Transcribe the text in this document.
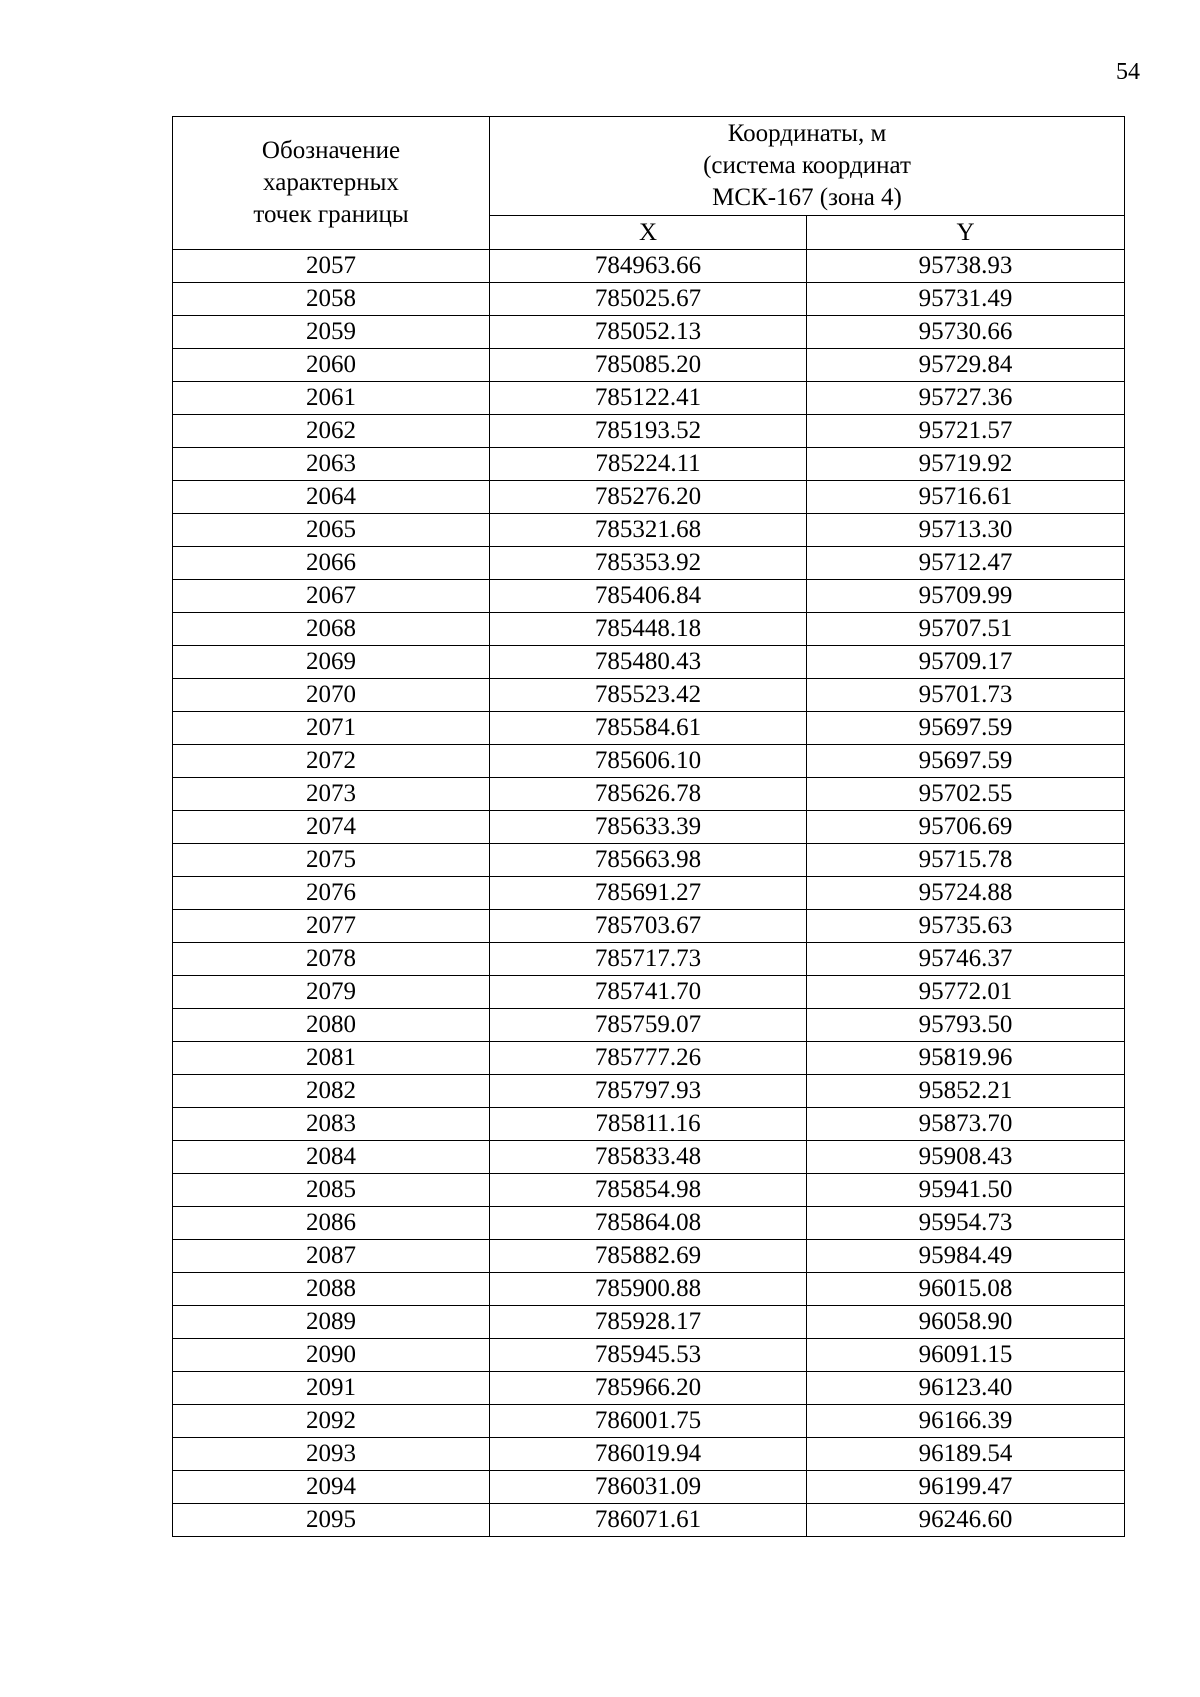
54
Обозначение
характерных
точек границы	Координаты, м
(система координат
МСК-167 (зона 4)	

	X	Y
2057	784963.66	95738.93
2058	785025.67	95731.49
2059	785052.13	95730.66
2060	785085.20	95729.84
2061	785122.41	95727.36
2062	785193.52	95721.57
2063	785224.11	95719.92
2064	785276.20	95716.61
2065	785321.68	95713.30
2066	785353.92	95712.47
2067	785406.84	95709.99
2068	785448.18	95707.51
2069	785480.43	95709.17
2070	785523.42	95701.73
2071	785584.61	95697.59
2072	785606.10	95697.59
2073	785626.78	95702.55
2074	785633.39	95706.69
2075	785663.98	95715.78
2076	785691.27	95724.88
2077	785703.67	95735.63
2078	785717.73	95746.37
2079	785741.70	95772.01
2080	785759.07	95793.50
2081	785777.26	95819.96
2082	785797.93	95852.21
2083	785811.16	95873.70
2084	785833.48	95908.43
2085	785854.98	95941.50
2086	785864.08	95954.73
2087	785882.69	95984.49
2088	785900.88	96015.08
2089	785928.17	96058.90
2090	785945.53	96091.15
2091	785966.20	96123.40
2092	786001.75	96166.39
2093	786019.94	96189.54
2094	786031.09	96199.47
2095	786071.61	96246.60
